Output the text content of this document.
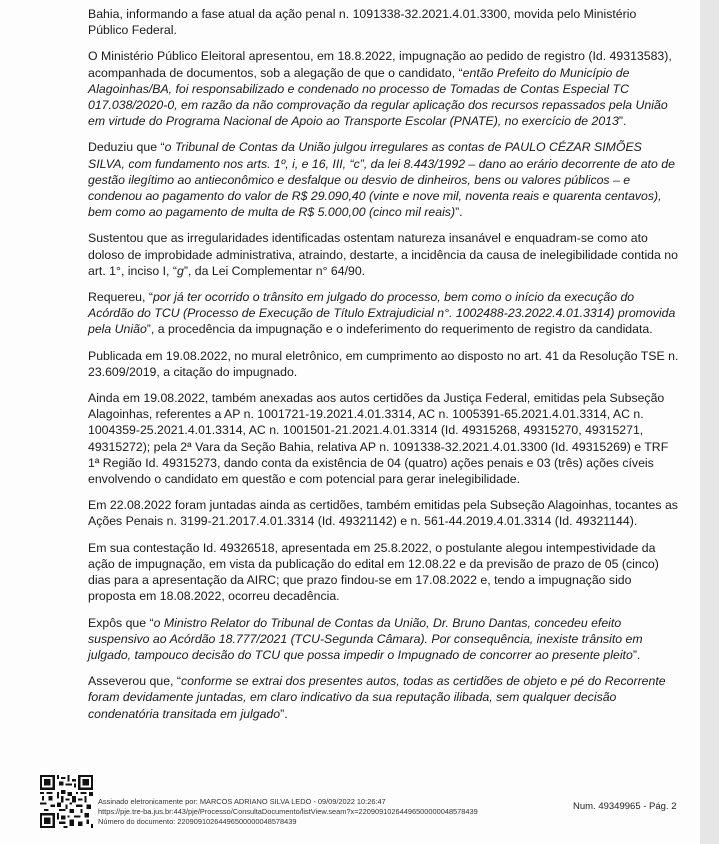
Bahia, informando a fase atual da ação penal n. 1091338-32.2021.4.01.3300, movida pelo Ministério Público Federal.

O Ministério Público Eleitoral apresentou, em 18.8.2022, impugnação ao pedido de registro (Id. 49313583), acompanhada de documentos, sob a alegação de que o candidato, “então Prefeito do Município de Alagoinhas/BA, foi responsabilizado e condenado no processo de Tomadas de Contas Especial TC 017.038/2020-0, em razão da não comprovação da regular aplicação dos recursos repassados pela União em virtude do Programa Nacional de Apoio ao Transporte Escolar (PNATE), no exercício de 2013”.

Deduziu que “o Tribunal de Contas da União julgou irregulares as contas de PAULO CÉZAR SIMÕES SILVA, com fundamento nos arts. 1º, i, e 16, III, “c”, da lei 8.443/1992 – dano ao erário decorrente de ato de gestão ilegítimo ao antieconômico e desfalque ou desvio de dinheiros, bens ou valores públicos – e condenou ao pagamento do valor de R$ 29.090,40 (vinte e nove mil, noventa reais e quarenta centavos), bem como ao pagamento de multa de R$ 5.000,00 (cinco mil reais)”.

Sustentou que as irregularidades identificadas ostentam natureza insanável e enquadram-se como ato doloso de improbidade administrativa, atraindo, destarte, a incidência da causa de inelegibilidade contida no art. 1°, inciso I, “g”, da Lei Complementar n° 64/90.

Requereu, “por já ter ocorrido o trânsito em julgado do processo, bem como o início da execução do Acórdão do TCU (Processo de Execução de Título Extrajudicial n°. 1002488-23.2022.4.01.3314) promovida pela União”, a procedência da impugnação e o indeferimento do requerimento de registro da candidata.

Publicada em 19.08.2022, no mural eletrônico, em cumprimento ao disposto no art. 41 da Resolução TSE n. 23.609/2019, a citação do impugnado.

Ainda em 19.08.2022, também anexadas aos autos certidões da Justiça Federal, emitidas pela Subseção Alagoinhas, referentes a AP n. 1001721-19.2021.4.01.3314, AC n. 1005391-65.2021.4.01.3314, AC n. 1004359-25.2021.4.01.3314, AC n. 1001501-21.2021.4.01.3314 (Id. 49315268, 49315270, 49315271, 49315272); pela 2ª Vara da Seção Bahia, relativa AP n. 1091338-32.2021.4.01.3300 (Id. 49315269) e TRF 1ª Região Id. 49315273, dando conta da existência de 04 (quatro) ações penais e 03 (três) ações cíveis envolvendo o candidato em questão e com potencial para gerar inelegibilidade.

Em 22.08.2022 foram juntadas ainda as certidões, também emitidas pela Subseção Alagoinhas, tocantes as Ações Penais n. 3199-21.2017.4.01.3314 (Id. 49321142) e n. 561-44.2019.4.01.3314 (Id. 49321144).

Em sua contestação Id. 49326518, apresentada em 25.8.2022, o postulante alegou intempestividade da ação de impugnação, em vista da publicação do edital em 12.08.22 e da previsão de prazo de 05 (cinco) dias para a apresentação da AIRC; que prazo findou-se em 17.08.2022 e, tendo a impugnação sido proposta em 18.08.2022, ocorreu decadência.

Expôs que “o Ministro Relator do Tribunal de Contas da União, Dr. Bruno Dantas, concedeu efeito suspensivo ao Acórdão 18.777/2021 (TCU-Segunda Câmara). Por consequência, inexiste trânsito em julgado, tampouco decisão do TCU que possa impedir o Impugnado de concorrer ao presente pleito”.

Asseverou que, “conforme se extrai dos presentes autos, todas as certidões de objeto e pé do Recorrente foram devidamente juntadas, em claro indicativo da sua reputação ilibada, sem qualquer decisão condenatória transitada em julgado”.

Assinado eletronicamente por: MARCOS ADRIANO SILVA LEDO - 09/09/2022 10:26:47
https://pje.tre-ba.jus.br:443/pje/Processo/ConsultaDocumento/listView.seam?x=22090910264496500000048578439
Número do documento: 22090910264496500000048578439
Num. 49349965 - Pág. 2
